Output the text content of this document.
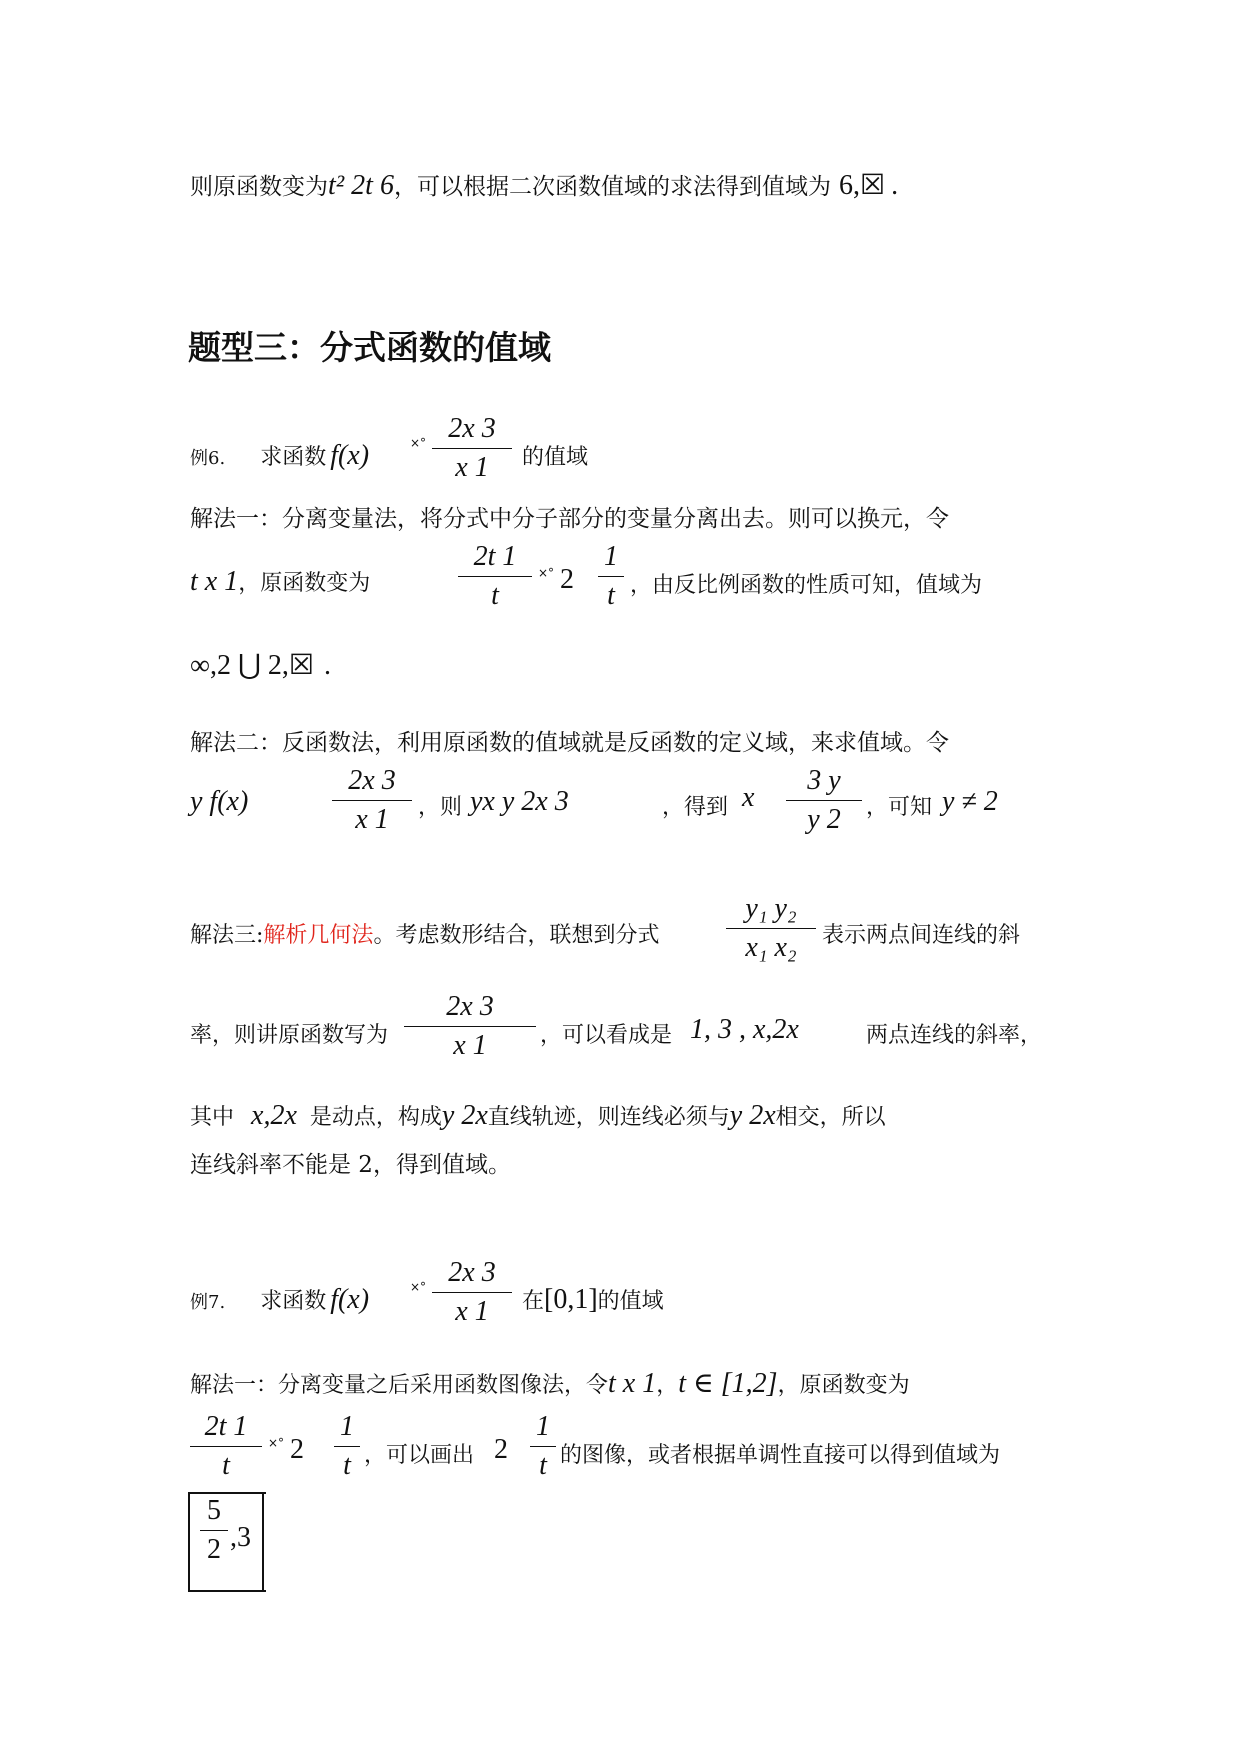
则原函数变为t² 2t 6，可以根据二次函数值域的求法得到值域为 6,☒ .
题型三：分式函数的值域
例6. 求函数 f(x)	×° 2x 3
x 1	的值域
解法一：分离变量法，将分式中分子部分的变量分离出去。则可以换元，令
t x 1，原函数变为
2t 1
t
×° 2
1
t ，由反比例函数的性质可知，值域为
∞,2 ⋃ 2,☒ .
解法二：反函数法，利用原函数的值域就是反函数的定义域，来求值域。令
y f(x)
2x 3
x 1	，则 yx y 2x 3	，得到 x
3 y
y 2	，可知 y ≠ 2
解法三:解析几何法。考虑数形结合，联想到分式
y₁ y₂
x₁ x₂	表示两点间连线的斜
率，则讲原函数写为
2x 3
x 1	，可以看成是 1, 3 , x,2x	两点连线的斜率，
其中 x,2x 是动点，构成y 2x直线轨迹，则连线必须与y 2x相交，所以
连线斜率不能是 2，得到值域。
例7. 求函数 f(x)	×° 2x 3
x 1	在[0,1]的值域
解法一：分离变量之后采用函数图像法，令t x 1，t ∈ [1,2]，原函数变为
2t 1
t
×° 2
1
t ，可以画出 2
1
t 的图像，或者根据单调性直接可以得到值域为
5
2 ,3
